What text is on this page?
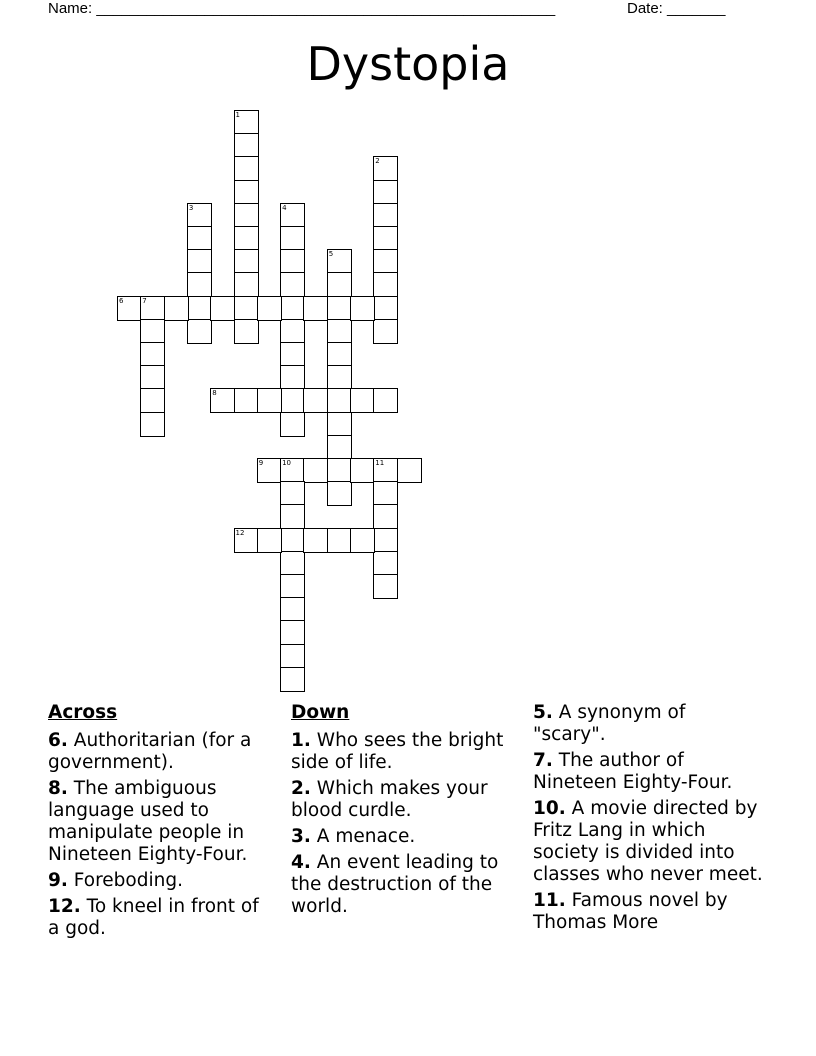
Name: _______________________________________________________	Date: _______
Dystopia
1
2
3	4
5
6	7
8
9	10	11
12
Across
6. Authoritarian (for a government).
8. The ambiguous language used to manipulate people in Nineteen Eighty-Four.
9. Foreboding.
12. To kneel in front of a god.
Down
1. Who sees the bright side of life.
2. Which makes your blood curdle.
3. A menace.
4. An event leading to the destruction of the world.
5. A synonym of "scary".
7. The author of Nineteen Eighty-Four.
10. A movie directed by Fritz Lang in which society is divided into classes who never meet.
11. Famous novel by Thomas More
